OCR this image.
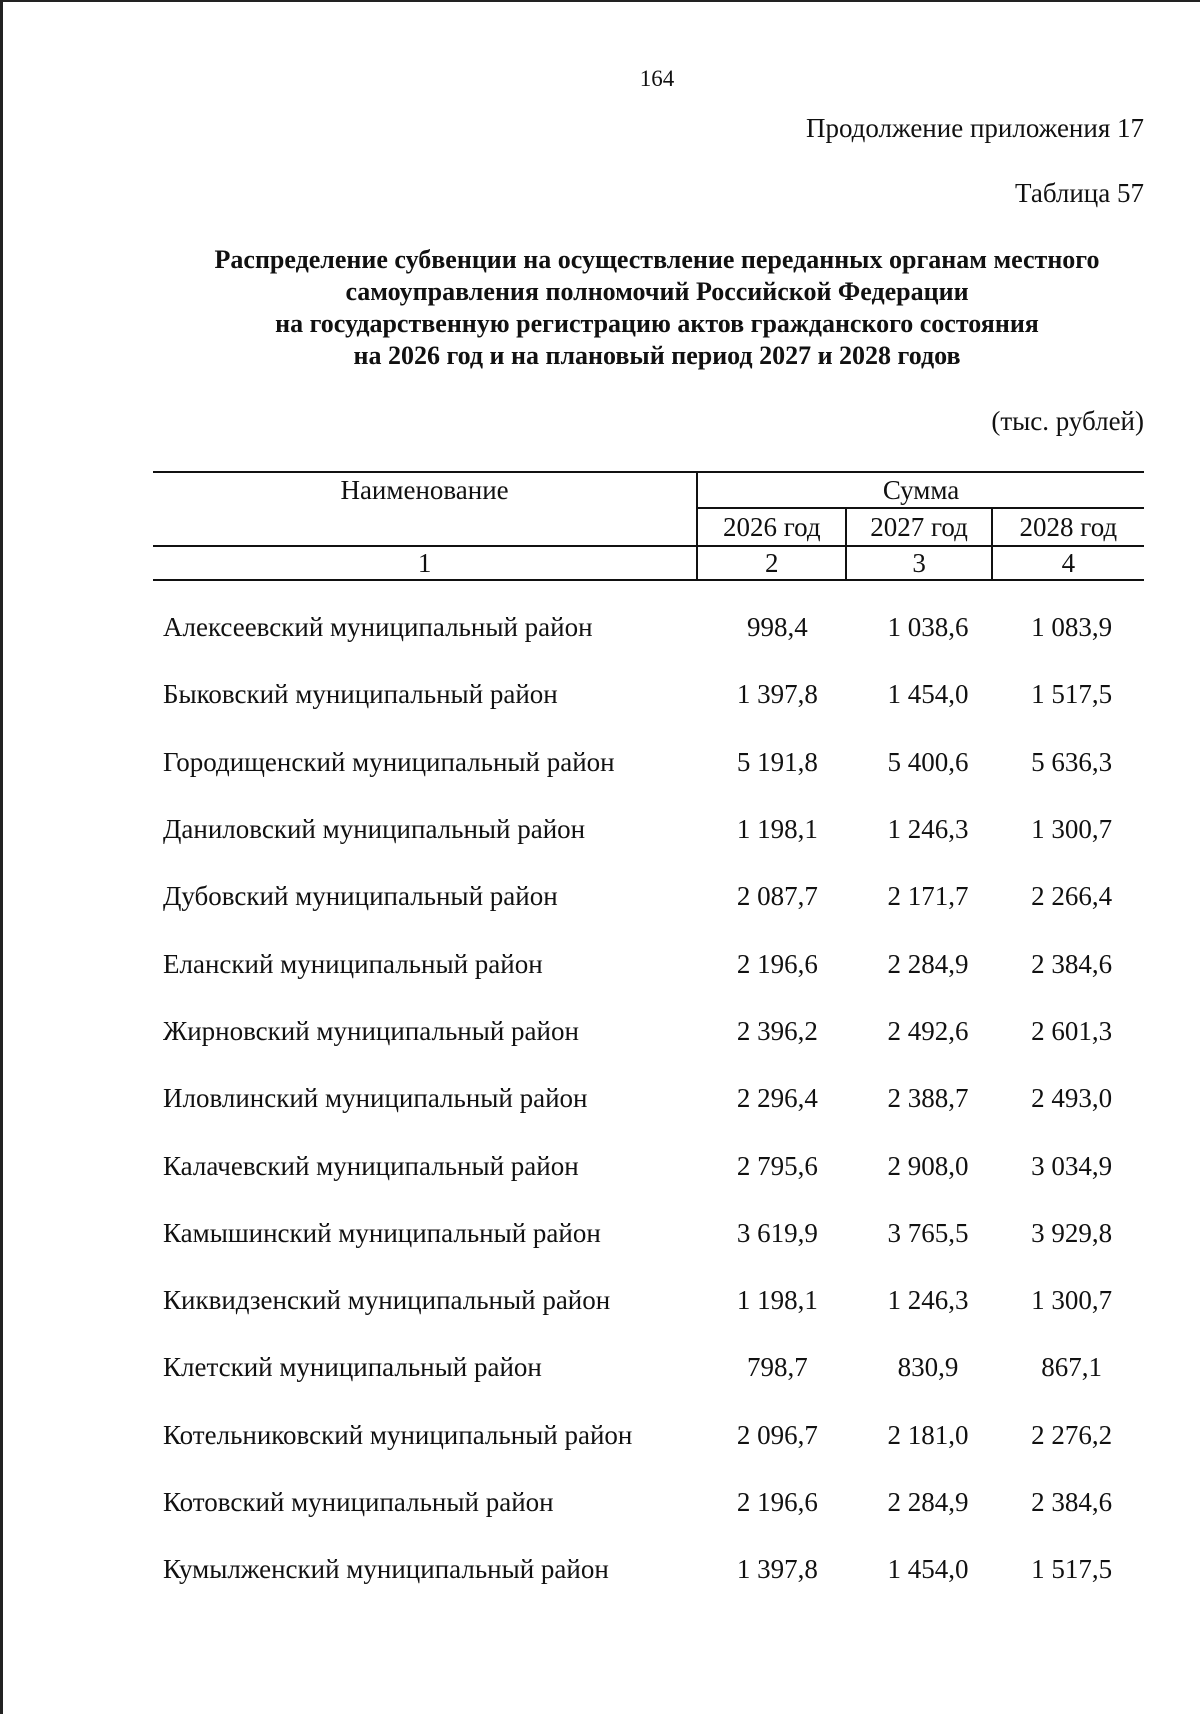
164
Продолжение приложения 17
Таблица 57
Распределение субвенции на осуществление переданных органам местного
самоуправления полномочий Российской Федерации
на государственную регистрацию актов гражданского состояния
на 2026 год и на плановый период 2027 и 2028 годов
(тыс. рублей)
Наименование	Сумма		
	2026 год	2027 год	2028 год
1	2	3	4
Алексеевский муниципальный район	998,4	1 038,6	1 083,9
Быковский муниципальный район	1 397,8	1 454,0	1 517,5
Городищенский муниципальный район	5 191,8	5 400,6	5 636,3
Даниловский муниципальный район	1 198,1	1 246,3	1 300,7
Дубовский муниципальный район	2 087,7	2 171,7	2 266,4
Еланский муниципальный район	2 196,6	2 284,9	2 384,6
Жирновский муниципальный район	2 396,2	2 492,6	2 601,3
Иловлинский муниципальный район	2 296,4	2 388,7	2 493,0
Калачевский муниципальный район	2 795,6	2 908,0	3 034,9
Камышинский муниципальный район	3 619,9	3 765,5	3 929,8
Киквидзенский муниципальный район	1 198,1	1 246,3	1 300,7
Клетский муниципальный район	798,7	830,9	867,1
Котельниковский муниципальный район	2 096,7	2 181,0	2 276,2
Котовский муниципальный район	2 196,6	2 284,9	2 384,6
Кумылженский муниципальный район	1 397,8	1 454,0	1 517,5
